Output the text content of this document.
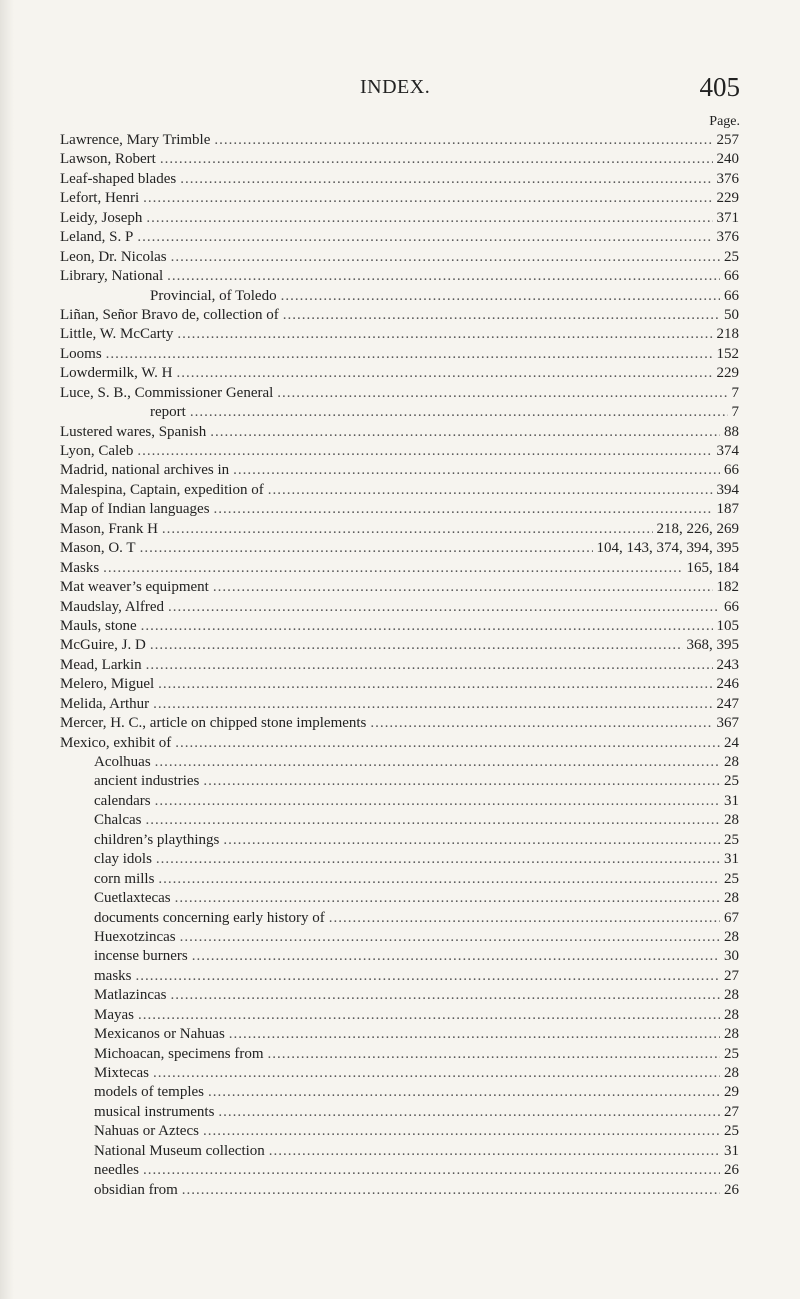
INDEX.	405
Page.
Lawrence, Mary Trimble .....	257
Lawson, Robert .....	240
Leaf-shaped blades .....	376
Lefort, Henri .....	229
Leidy, Joseph .....	371
Leland, S. P .....	376
Leon, Dr. Nicolas .....	25
Library, National .....	66
Provincial, of Toledo .....	66
Liñan, Señor Bravo de, collection of .....	50
Little, W. McCarty .....	218
Looms .....	152
Lowdermilk, W. H .....	229
Luce, S. B., Commissioner General .....	7
report .....	7
Lustered wares, Spanish .....	88
Lyon, Caleb .....	374
Madrid, national archives in .....	66
Malespina, Captain, expedition of .....	394
Map of Indian languages .....	187
Mason, Frank H .....	218, 226, 269
Mason, O. T .....	104, 143, 374, 394, 395
Masks .....	165, 184
Mat weaver’s equipment .....	182
Maudslay, Alfred .....	66
Mauls, stone .....	105
McGuire, J. D .....	368, 395
Mead, Larkin .....	243
Melero, Miguel .....	246
Melida, Arthur .....	247
Mercer, H. C., article on chipped stone implements .....	367
Mexico, exhibit of .....	24
Acolhuas .....	28
ancient industries .....	25
calendars .....	31
Chalcas .....	28
children’s playthings .....	25
clay idols .....	31
corn mills .....	25
Cuetlaxtecas .....	28
documents concerning early history of .....	67
Huexotzincas .....	28
incense burners .....	30
masks .....	27
Matlazincas .....	28
Mayas .....	28
Mexicanos or Nahuas .....	28
Michoacan, specimens from .....	25
Mixtecas .....	28
models of temples .....	29
musical instruments .....	27
Nahuas or Aztecs .....	25
National Museum collection .....	31
needles .....	26
obsidian from .....	26
